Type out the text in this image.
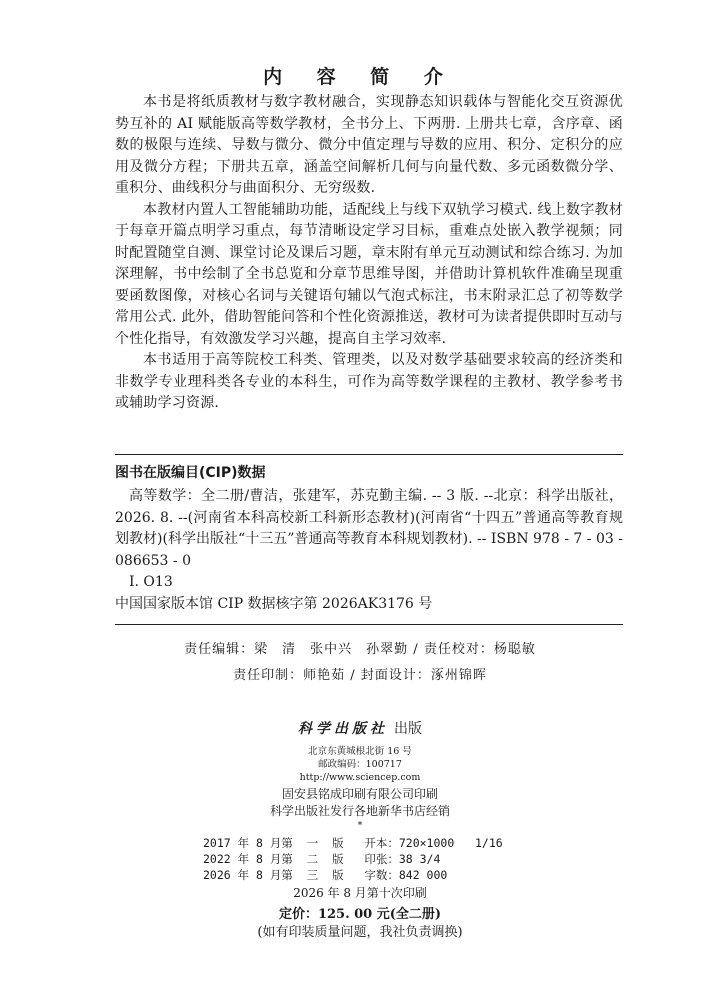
内 容 简 介

本书是将纸质教材与数字教材融合，实现静态知识载体与智能化交互资源优势互补的 AI 赋能版高等数学教材，全书分上、下两册. 上册共七章，含序章、函数的极限与连续、导数与微分、微分中值定理与导数的应用、积分、定积分的应用及微分方程；下册共五章，涵盖空间解析几何与向量代数、多元函数微分学、重积分、曲线积分与曲面积分、无穷级数.

本教材内置人工智能辅助功能，适配线上与线下双轨学习模式. 线上数字教材于每章开篇点明学习重点，每节清晰设定学习目标，重难点处嵌入教学视频；同时配置随堂自测、课堂讨论及课后习题，章末附有单元互动测试和综合练习. 为加深理解，书中绘制了全书总览和分章节思维导图，并借助计算机软件准确呈现重要函数图像，对核心名词与关键语句辅以气泡式标注，书末附录汇总了初等数学常用公式. 此外，借助智能问答和个性化资源推送，教材可为读者提供即时互动与个性化指导，有效激发学习兴趣，提高自主学习效率.

本书适用于高等院校工科类、管理类，以及对数学基础要求较高的经济类和非数学专业理科类各专业的本科生，可作为高等数学课程的主教材、教学参考书或辅助学习资源.

图书在版编目(CIP)数据

高等数学：全二册/曹洁，张建军，苏克勤主编. -- 3 版. --北京：科学出版社，2026. 8. --(河南省本科高校新工科新形态教材)(河南省“十四五”普通高等教育规划教材)(科学出版社“十三五”普通高等教育本科规划教材). -- ISBN 978 - 7 - 03 - 086653 - 0

Ⅰ. O13

中国国家版本馆 CIP 数据核字第 2026AK3176 号

责任编辑：梁　清　张中兴　孙翠勤 / 责任校对：杨聪敏
责任印制：师艳茹 / 封面设计：涿州锦晖
科学出版社 出版
北京东黄城根北街 16 号
邮政编码：100717
http://www.sciencep.com
固安县铭成印刷有限公司印刷
科学出版社发行各地新华书店经销
*
2017 年 8 月第  一  版   开本：720×1000   1/16
2022 年 8 月第  二  版   印张：38 3/4
2026 年 8 月第  三  版   字数：842 000
2026 年 8 月第十次印刷
定价：125. 00 元(全二册)
(如有印装质量问题，我社负责调换)
